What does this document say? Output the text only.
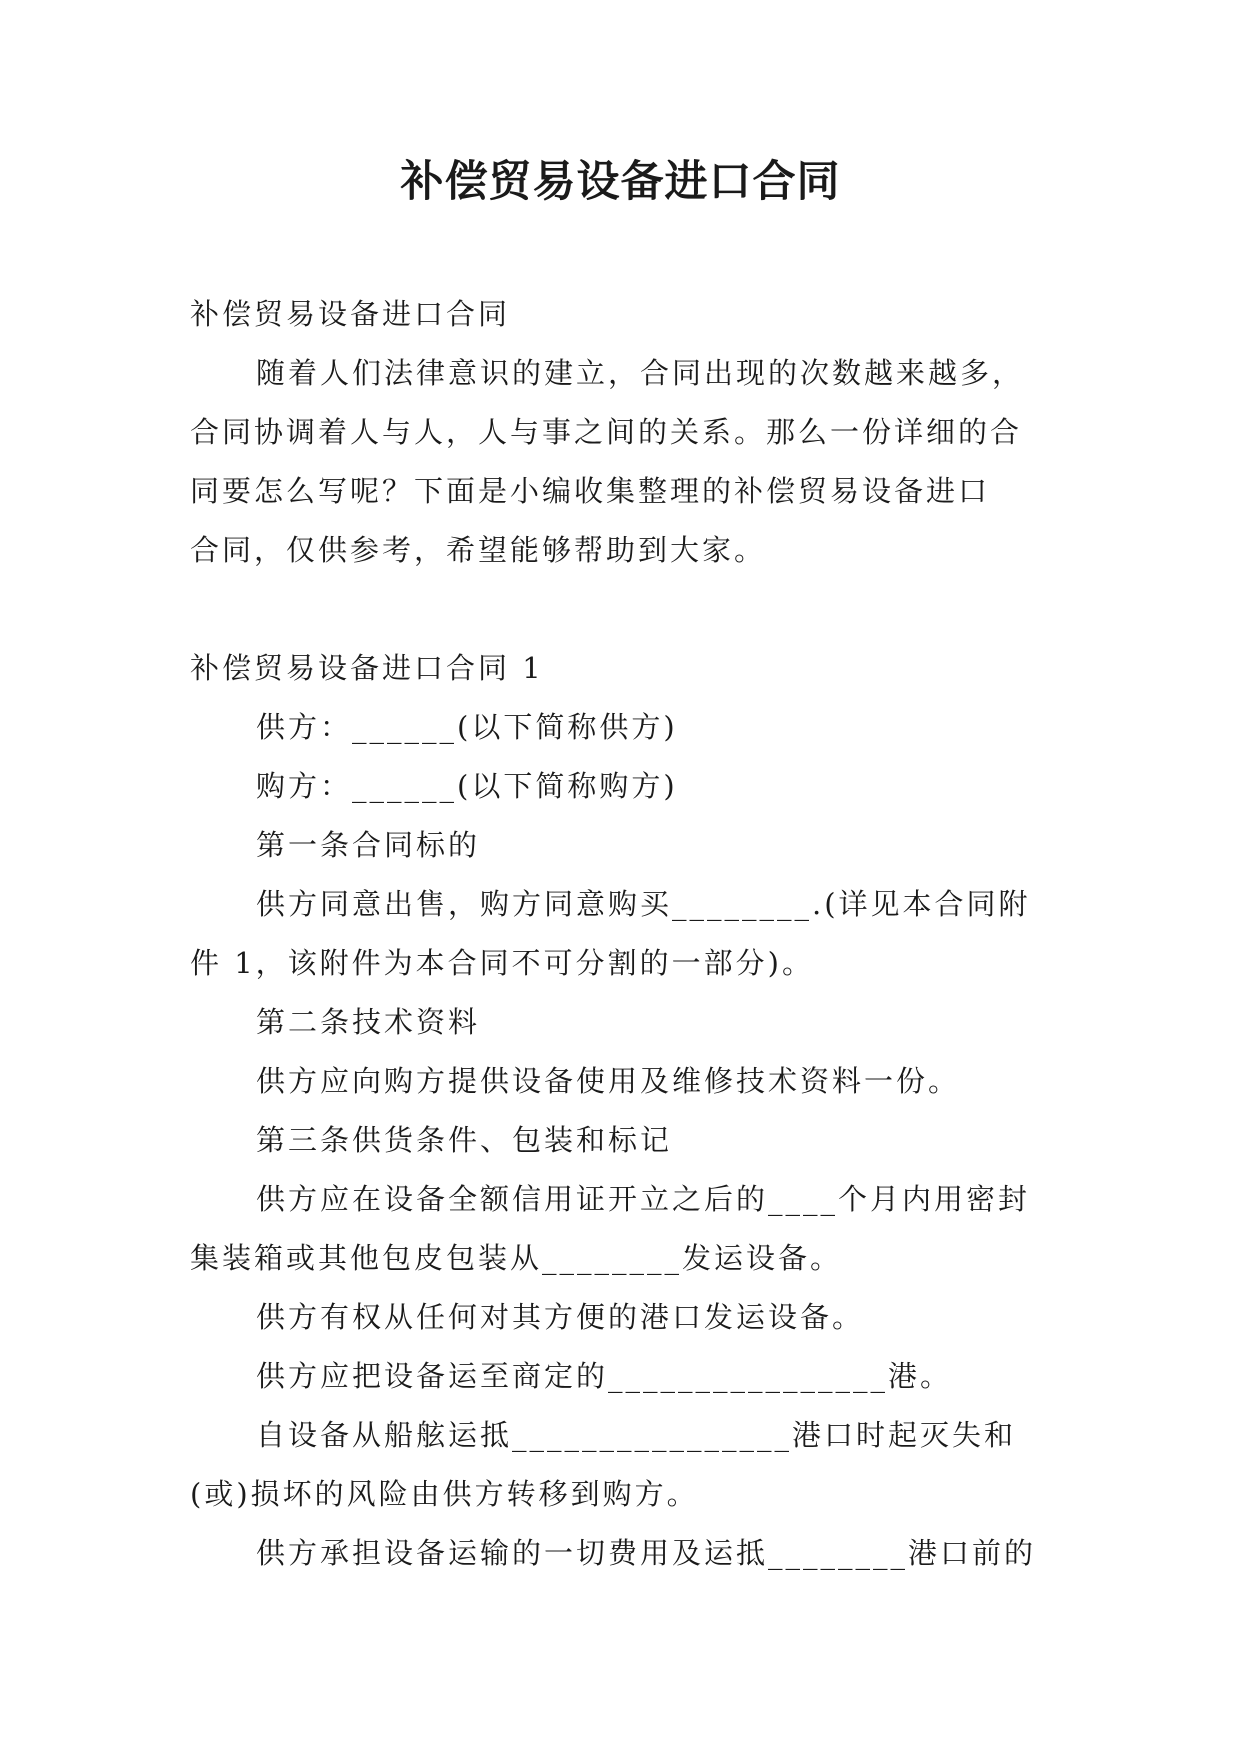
补偿贸易设备进口合同

补偿贸易设备进口合同

随着人们法律意识的建立，合同出现的次数越来越多，

合同协调着人与人，人与事之间的关系。那么一份详细的合

同要怎么写呢？下面是小编收集整理的补偿贸易设备进口

合同，仅供参考，希望能够帮助到大家。

补偿贸易设备进口合同 1

供方：______(以下简称供方)

购方：______(以下简称购方)

第一条合同标的

供方同意出售，购方同意购买________.(详见本合同附

件 1，该附件为本合同不可分割的一部分)。

第二条技术资料

供方应向购方提供设备使用及维修技术资料一份。

第三条供货条件、包装和标记

供方应在设备全额信用证开立之后的____个月内用密封

集装箱或其他包皮包装从________发运设备。

供方有权从任何对其方便的港口发运设备。

供方应把设备运至商定的________________港。

自设备从船舷运抵________________港口时起灭失和

(或)损坏的风险由供方转移到购方。

供方承担设备运输的一切费用及运抵________港口前的
